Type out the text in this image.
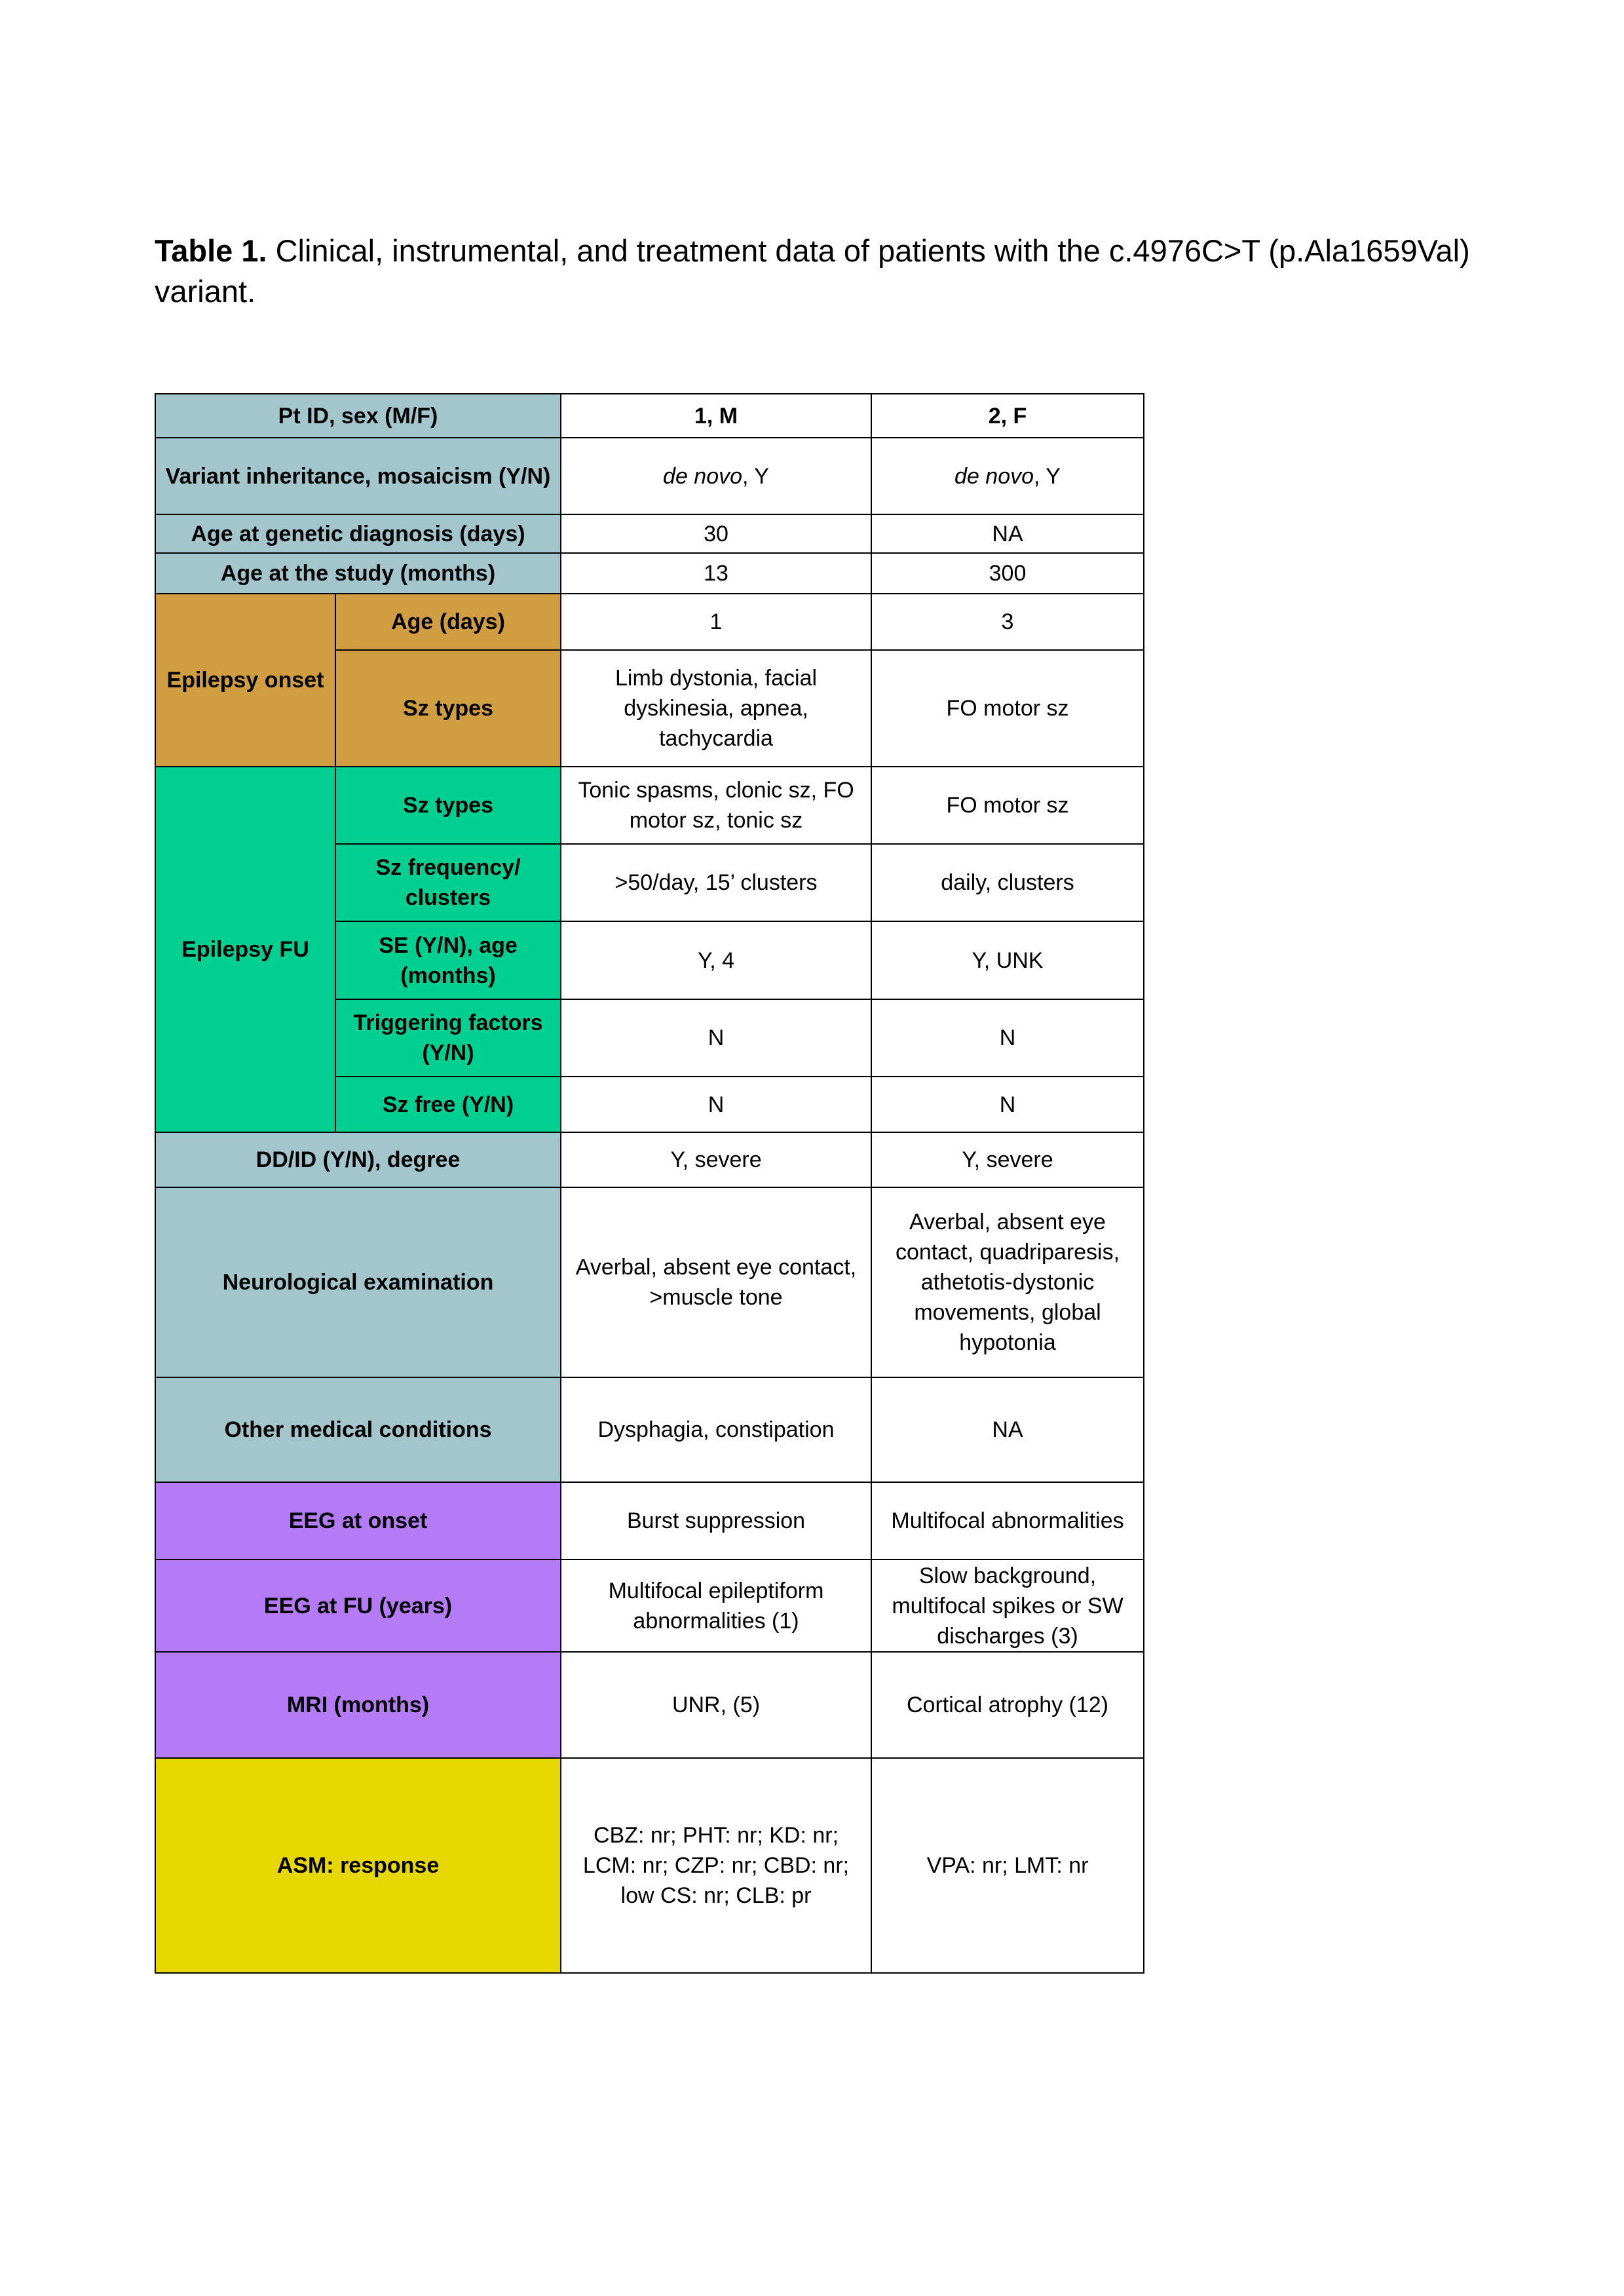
Table 1. Clinical, instrumental, and treatment data of patients with the c.4976C>T (p.Ala1659Val) variant.
Pt ID, sex (M/F)		1, M	2, F
Variant inheritance, mosaicism (Y/N)		de novo, Y	de novo, Y
Age at genetic diagnosis (days)		30	NA
Age at the study (months)		13	300
Epilepsy onset	Age (days)	1	3
	Sz types	Limb dystonia, facial dyskinesia, apnea, tachycardia	FO motor sz
Epilepsy FU	Sz types	Tonic spasms, clonic sz, FO motor sz, tonic sz	FO motor sz
	Sz frequency/ clusters	>50/day, 15’ clusters	daily, clusters
	SE (Y/N), age (months)	Y, 4	Y, UNK
	Triggering factors (Y/N)	N	N
	Sz free (Y/N)	N	N
DD/ID (Y/N), degree		Y, severe	Y, severe
Neurological examination		Averbal, absent eye contact, >muscle tone	Averbal, absent eye contact, quadriparesis, athetotis-dystonic movements, global hypotonia
Other medical conditions		Dysphagia, constipation	NA
EEG at onset		Burst suppression	Multifocal abnormalities
EEG at FU (years)		Multifocal epileptiform abnormalities (1)	Slow background, multifocal spikes or SW discharges (3)
MRI (months)		UNR, (5)	Cortical atrophy (12)
ASM: response		CBZ: nr; PHT: nr; KD: nr; LCM: nr; CZP: nr; CBD: nr; low CS: nr; CLB: pr	VPA: nr; LMT: nr
